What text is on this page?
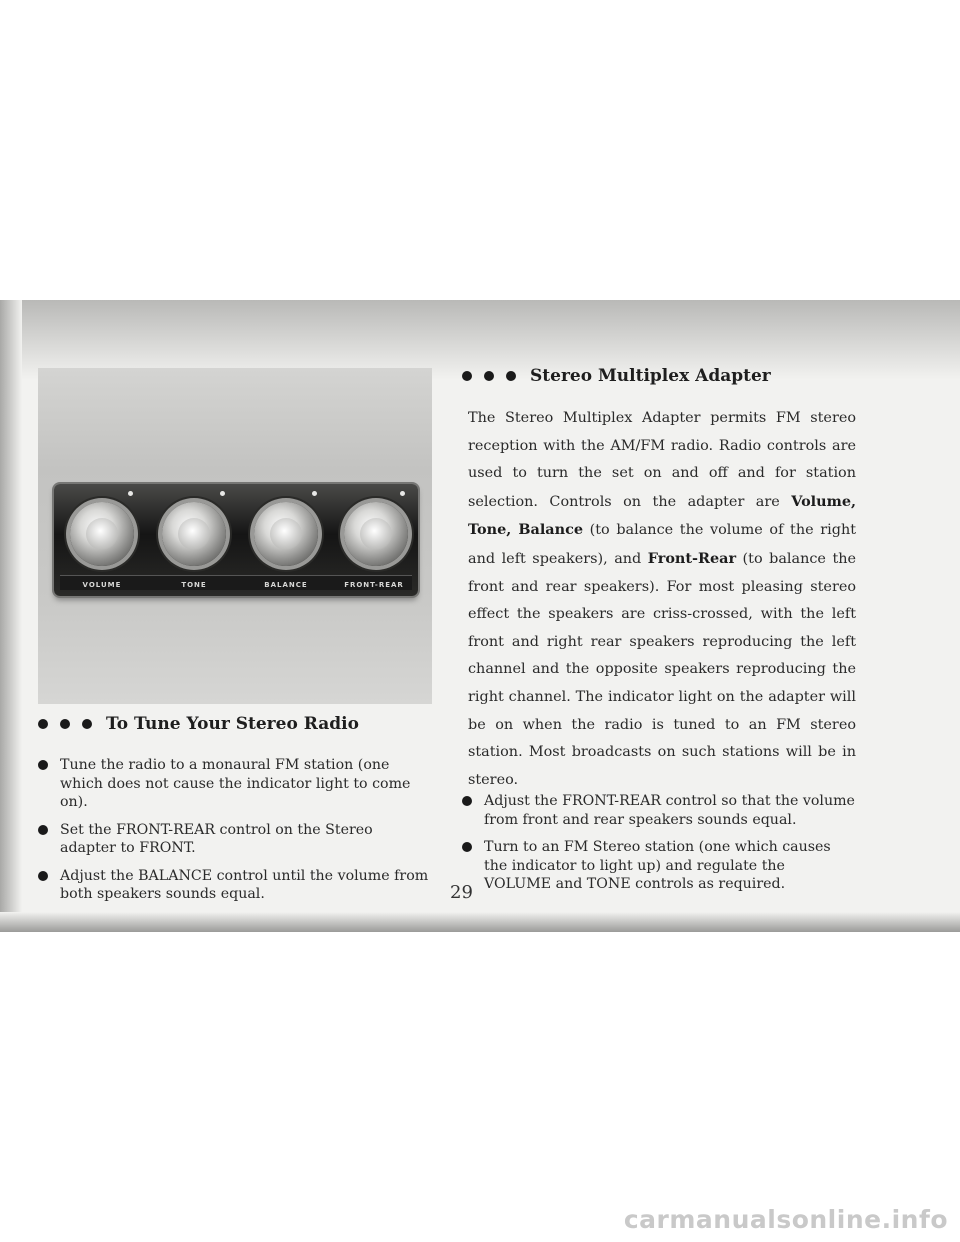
VOLUME	TONE	BALANCE	FRONT-REAR
Stereo Multiplex Adapter
The Stereo Multiplex Adapter permits FM stereo reception with the AM/FM radio. Radio controls are used to turn the set on and off and for station selection. Controls on the adapter are Volume, Tone, Balance (to balance the volume of the right and left speakers), and Front-Rear (to balance the front and rear speakers). For most pleasing stereo effect the speakers are criss-crossed, with the left front and right rear speakers reproducing the left channel and the opposite speakers reproducing the right channel. The indicator light on the adapter will be on when the radio is tuned to an FM stereo station. Most broadcasts on such stations will be in stereo.
To Tune Your Stereo Radio
Tune the radio to a monaural FM station (one which does not cause the indicator light to come on).
Set the FRONT-REAR control on the Stereo adapter to FRONT.
Adjust the BALANCE control until the volume from both speakers sounds equal.
Adjust the FRONT-REAR control so that the volume from front and rear speakers sounds equal.
Turn to an FM Stereo station (one which causes the indicator to light up) and regulate the VOLUME and TONE controls as required.
29
carmanualsonline.info
